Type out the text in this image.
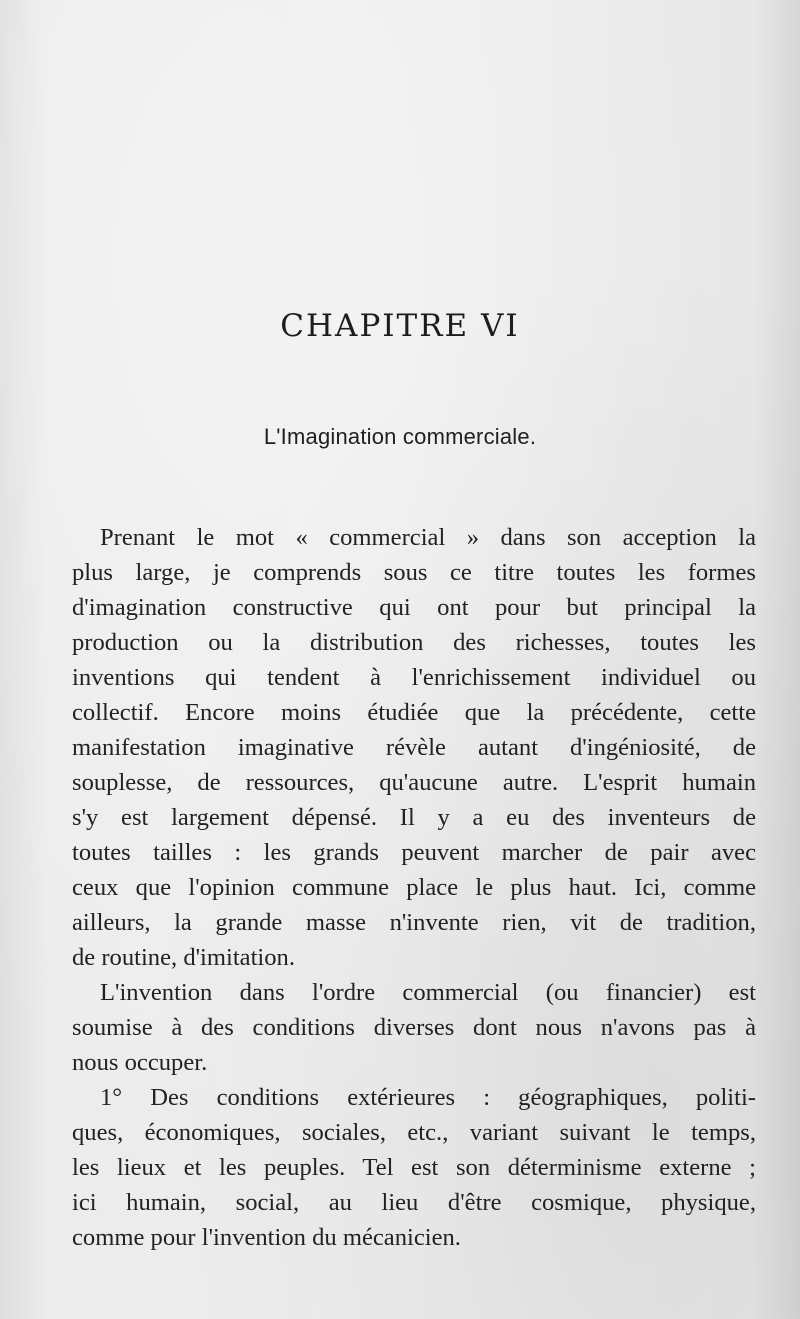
CHAPITRE VI
L'Imagination commerciale.
Prenant le mot « commercial » dans son acception la
plus large, je comprends sous ce titre toutes les formes
d'imagination constructive qui ont pour but principal la
production ou la distribution des richesses, toutes les
inventions qui tendent à l'enrichissement individuel ou
collectif. Encore moins étudiée que la précédente, cette
manifestation imaginative révèle autant d'ingéniosité, de
souplesse, de ressources, qu'aucune autre. L'esprit humain
s'y est largement dépensé. Il y a eu des inventeurs de
toutes tailles : les grands peuvent marcher de pair avec
ceux que l'opinion commune place le plus haut. Ici, comme
ailleurs, la grande masse n'invente rien, vit de tradition,
de routine, d'imitation.
L'invention dans l'ordre commercial (ou financier) est
soumise à des conditions diverses dont nous n'avons pas à
nous occuper.
1° Des conditions extérieures : géographiques, politi-
ques, économiques, sociales, etc., variant suivant le temps,
les lieux et les peuples. Tel est son déterminisme externe ;
ici humain, social, au lieu d'être cosmique, physique,
comme pour l'invention du mécanicien.
